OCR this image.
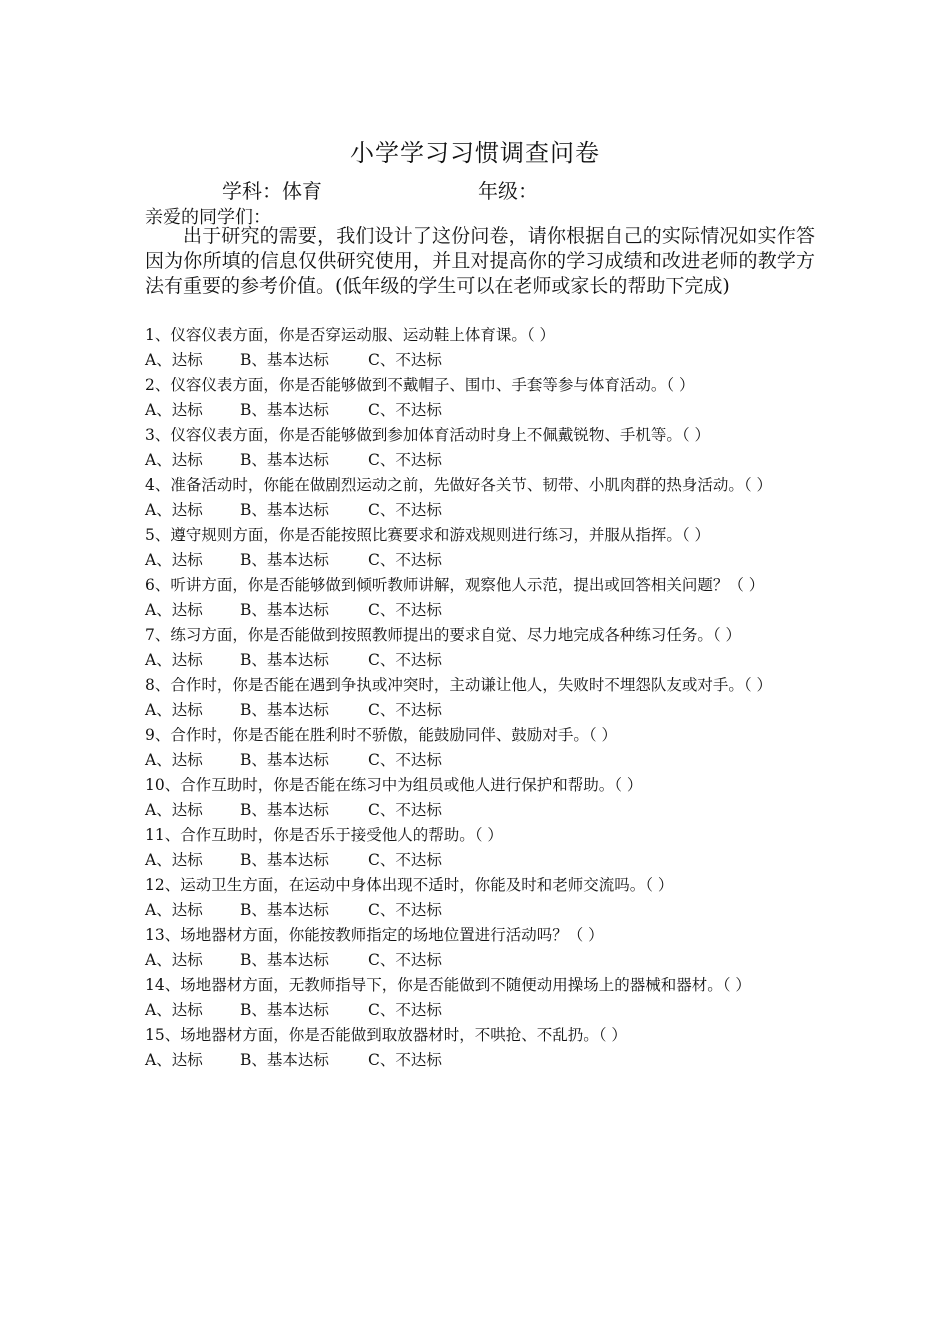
小学学习习惯调查问卷
学科：体育	年级：
亲爱的同学们：
出于研究的需要，我们设计了这份问卷，请你根据自己的实际情况如实作答因为你所填的信息仅供研究使用，并且对提高你的学习成绩和改进老师的教学方法有重要的参考价值。(低年级的学生可以在老师或家长的帮助下完成)
1、仪容仪表方面，你是否穿运动服、运动鞋上体育课。（ ）
A、达标 B、基本达标	C、不达标
2、仪容仪表方面，你是否能够做到不戴帽子、围巾、手套等参与体育活动。（ ）
A、达标 B、基本达标	C、不达标
3、仪容仪表方面，你是否能够做到参加体育活动时身上不佩戴锐物、手机等。（ ）
A、达标 B、基本达标	C、不达标
4、准备活动时，你能在做剧烈运动之前，先做好各关节、韧带、小肌肉群的热身活动。（ ）
A、达标 B、基本达标	C、不达标
5、遵守规则方面，你是否能按照比赛要求和游戏规则进行练习，并服从指挥。（ ）
A、达标 B、基本达标	C、不达标
6、听讲方面，你是否能够做到倾听教师讲解，观察他人示范，提出或回答相关问题？（ ）
A、达标 B、基本达标	C、不达标
7、练习方面，你是否能做到按照教师提出的要求自觉、尽力地完成各种练习任务。（ ）
A、达标 B、基本达标	C、不达标
8、合作时，你是否能在遇到争执或冲突时，主动谦让他人，失败时不埋怨队友或对手。（ ）
A、达标 B、基本达标	C、不达标
9、合作时，你是否能在胜利时不骄傲，能鼓励同伴、鼓励对手。（ ）
A、达标 B、基本达标	C、不达标
10、合作互助时，你是否能在练习中为组员或他人进行保护和帮助。（ ）
A、达标 B、基本达标	C、不达标
11、合作互助时，你是否乐于接受他人的帮助。（ ）
A、达标 B、基本达标	C、不达标
12、运动卫生方面，在运动中身体出现不适时，你能及时和老师交流吗。（ ）
A、达标 B、基本达标	C、不达标
13、场地器材方面，你能按教师指定的场地位置进行活动吗？（ ）
A、达标 B、基本达标	C、不达标
14、场地器材方面，无教师指导下，你是否能做到不随便动用操场上的器械和器材。（ ）
A、达标 B、基本达标	C、不达标
15、场地器材方面，你是否能做到取放器材时，不哄抢、不乱扔。（ ）
A、达标 B、基本达标	C、不达标
